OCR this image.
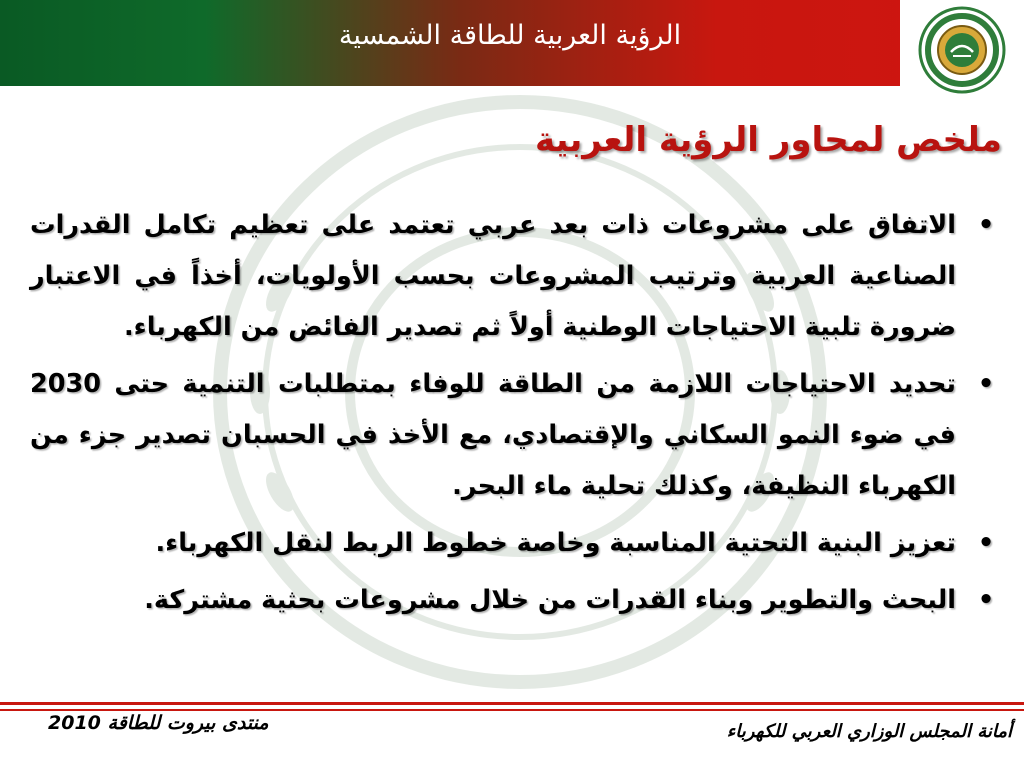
الرؤية العربية للطاقة الشمسية
ملخص لمحاور الرؤية العربية
•
الاتفاق على مشروعات ذات بعد عربي تعتمد على تعظيم تكامل القدرات الصناعية العربية وترتيب المشروعات بحسب الأولويات، أخذاً في الاعتبار ضرورة تلبية الاحتياجات الوطنية أولاً ثم تصدير الفائض من الكهرباء.
•
تحديد الاحتياجات اللازمة من الطاقة للوفاء بمتطلبات التنمية حتى 2030 في ضوء النمو السكاني والإقتصادي، مع الأخذ في الحسبان تصدير جزء من الكهرباء النظيفة، وكذلك تحلية ماء البحر.
•
تعزيز البنية التحتية المناسبة وخاصة خطوط الربط لنقل الكهرباء.
•
البحث والتطوير وبناء القدرات من خلال مشروعات بحثية مشتركة.
منتدى بيروت للطاقة 2010	أمانة المجلس الوزاري العربي للكهرباء
